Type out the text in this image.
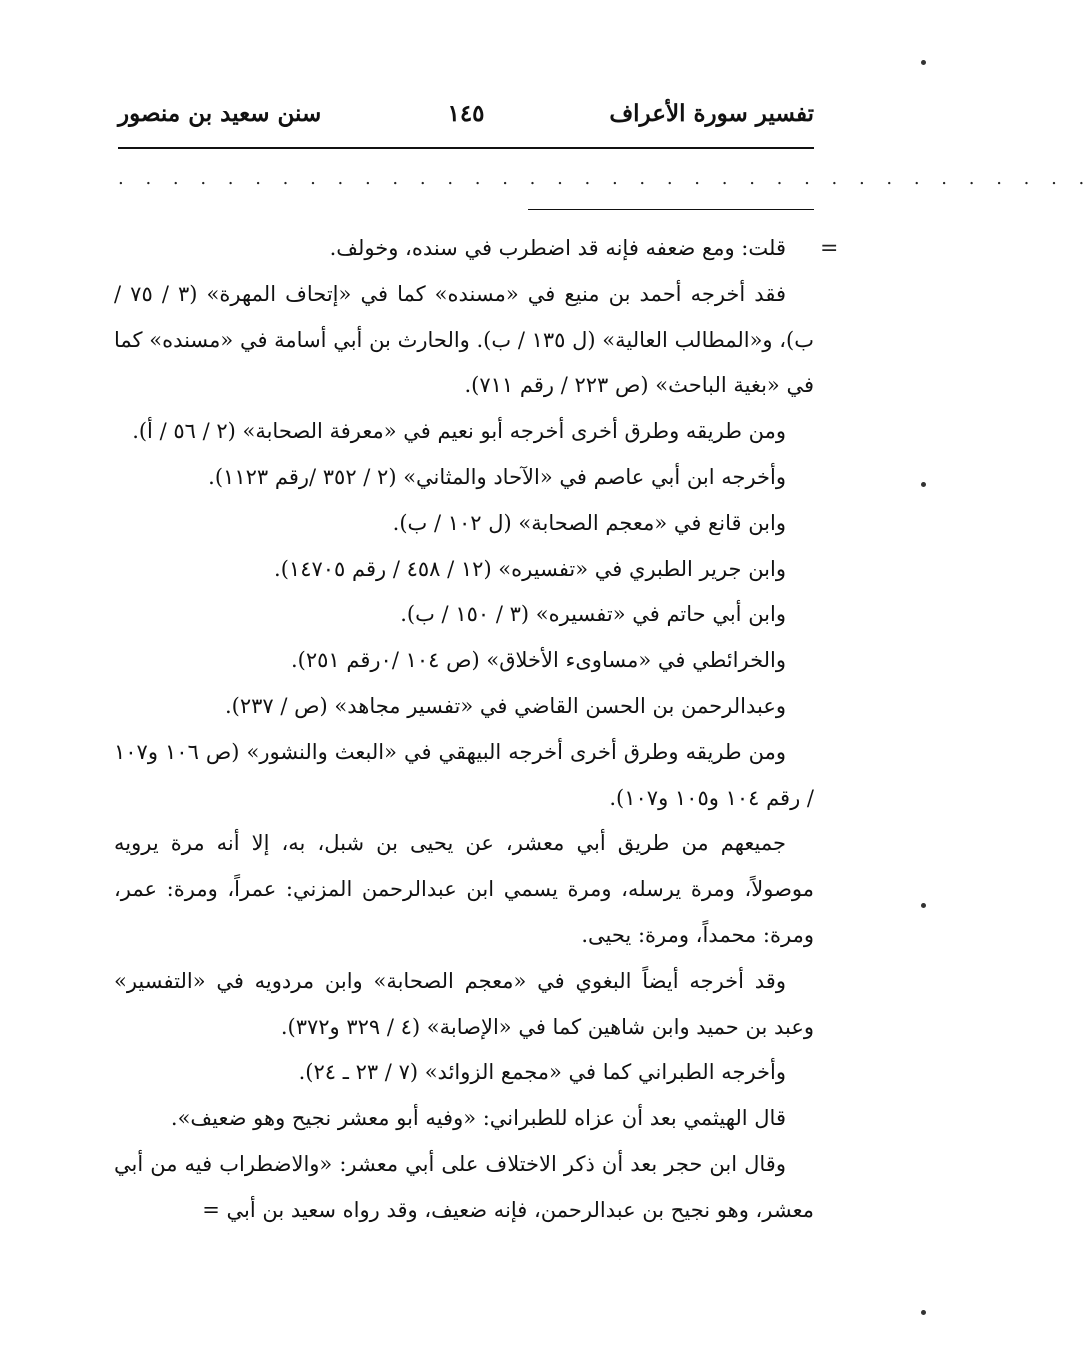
تفسير سورة الأعراف
١٤٥
سنن سعيد بن منصور
. . . . . . . . . . . . . . . . . . . . . . . . . . . . . . . . . . . .
=

قلت: ومع ضعفه فإنه قد اضطرب في سنده، وخولف.

فقد أخرجه أحمد بن منيع في «مسنده» كما في «إتحاف المهرة» (٣ / ٧٥ / ب)، و«المطالب العالية» (ل ١٣٥ / ب). والحارث بن أبي أسامة في «مسنده» كما في «بغية الباحث» (ص ٢٢٣ / رقم ٧١١).

ومن طريقه وطرق أخرى أخرجه أبو نعيم في «معرفة الصحابة» (٢ / ٥٦ / أ).

وأخرجه ابن أبي عاصم في «الآحاد والمثاني» (٢ / ٣٥٢ /رقم ١١٢٣).

وابن قانع في «معجم الصحابة» (ل ١٠٢ / ب).

وابن جرير الطبري في «تفسيره» (١٢ / ٤٥٨ / رقم ١٤٧٠٥).

وابن أبي حاتم في «تفسيره» (٣ / ١٥٠ / ب).

والخرائطي في «مساوىء الأخلاق» (ص ١٠٤ /٠رقم ٢٥١).

وعبدالرحمن بن الحسن القاضي في «تفسير مجاهد» (ص / ٢٣٧).

ومن طريقه وطرق أخرى أخرجه البيهقي في «البعث والنشور» (ص ١٠٦ و١٠٧ / رقم ١٠٤ و١٠٥ و١٠٧).

جميعهم من طريق أبي معشر، عن يحيى بن شبل، به، إلا أنه مرة يرويه موصولاً، ومرة يرسله، ومرة يسمي ابن عبدالرحمن المزني: عمراً، ومرة: عمر، ومرة: محمداً، ومرة: يحيى.

وقد أخرجه أيضاً البغوي في «معجم الصحابة» وابن مردويه في «التفسير» وعبد بن حميد وابن شاهين كما في «الإصابة» (٤ / ٣٢٩ و٣٧٢).

وأخرجه الطبراني كما في «مجمع الزوائد» (٧ / ٢٣ ـ ٢٤).

قال الهيثمي بعد أن عزاه للطبراني: «وفيه أبو معشر نجيح وهو ضعيف».

وقال ابن حجر بعد أن ذكر الاختلاف على أبي معشر: «والاضطراب فيه من أبي معشر، وهو نجيح بن عبدالرحمن، فإنه ضعيف، وقد رواه سعيد بن أبي =
